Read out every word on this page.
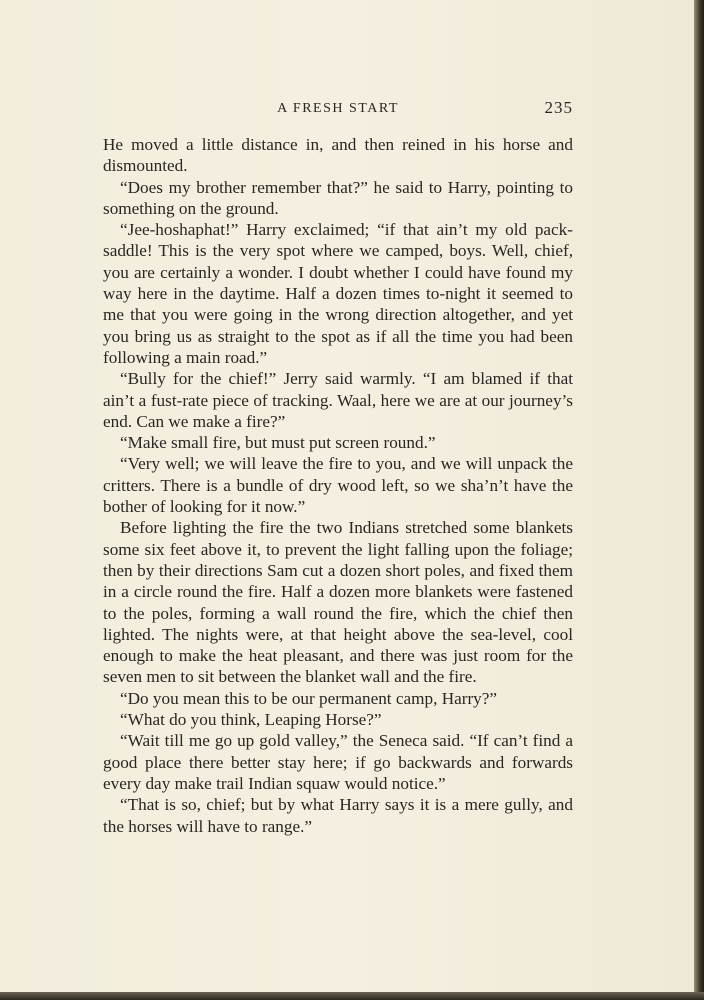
A FRESH START	235

He moved a little distance in, and then reined in his horse and dismounted.

“Does my brother remember that?” he said to Harry, pointing to something on the ground.

“Jee-hoshaphat!” Harry exclaimed; “if that ain’t my old pack-saddle! This is the very spot where we camped, boys. Well, chief, you are certainly a wonder. I doubt whether I could have found my way here in the daytime. Half a dozen times to-night it seemed to me that you were going in the wrong direction altogether, and yet you bring us as straight to the spot as if all the time you had been following a main road.”

“Bully for the chief!” Jerry said warmly. “I am blamed if that ain’t a fust-rate piece of tracking. Waal, here we are at our journey’s end. Can we make a fire?”

“Make small fire, but must put screen round.”

“Very well; we will leave the fire to you, and we will unpack the critters. There is a bundle of dry wood left, so we sha’n’t have the bother of looking for it now.”

Before lighting the fire the two Indians stretched some blankets some six feet above it, to prevent the light falling upon the foliage; then by their directions Sam cut a dozen short poles, and fixed them in a circle round the fire. Half a dozen more blankets were fastened to the poles, forming a wall round the fire, which the chief then lighted. The nights were, at that height above the sea-level, cool enough to make the heat pleasant, and there was just room for the seven men to sit between the blanket wall and the fire.

“Do you mean this to be our permanent camp, Harry?”

“What do you think, Leaping Horse?”

“Wait till me go up gold valley,” the Seneca said. “If can’t find a good place there better stay here; if go backwards and forwards every day make trail Indian squaw would notice.”

“That is so, chief; but by what Harry says it is a mere gully, and the horses will have to range.”
